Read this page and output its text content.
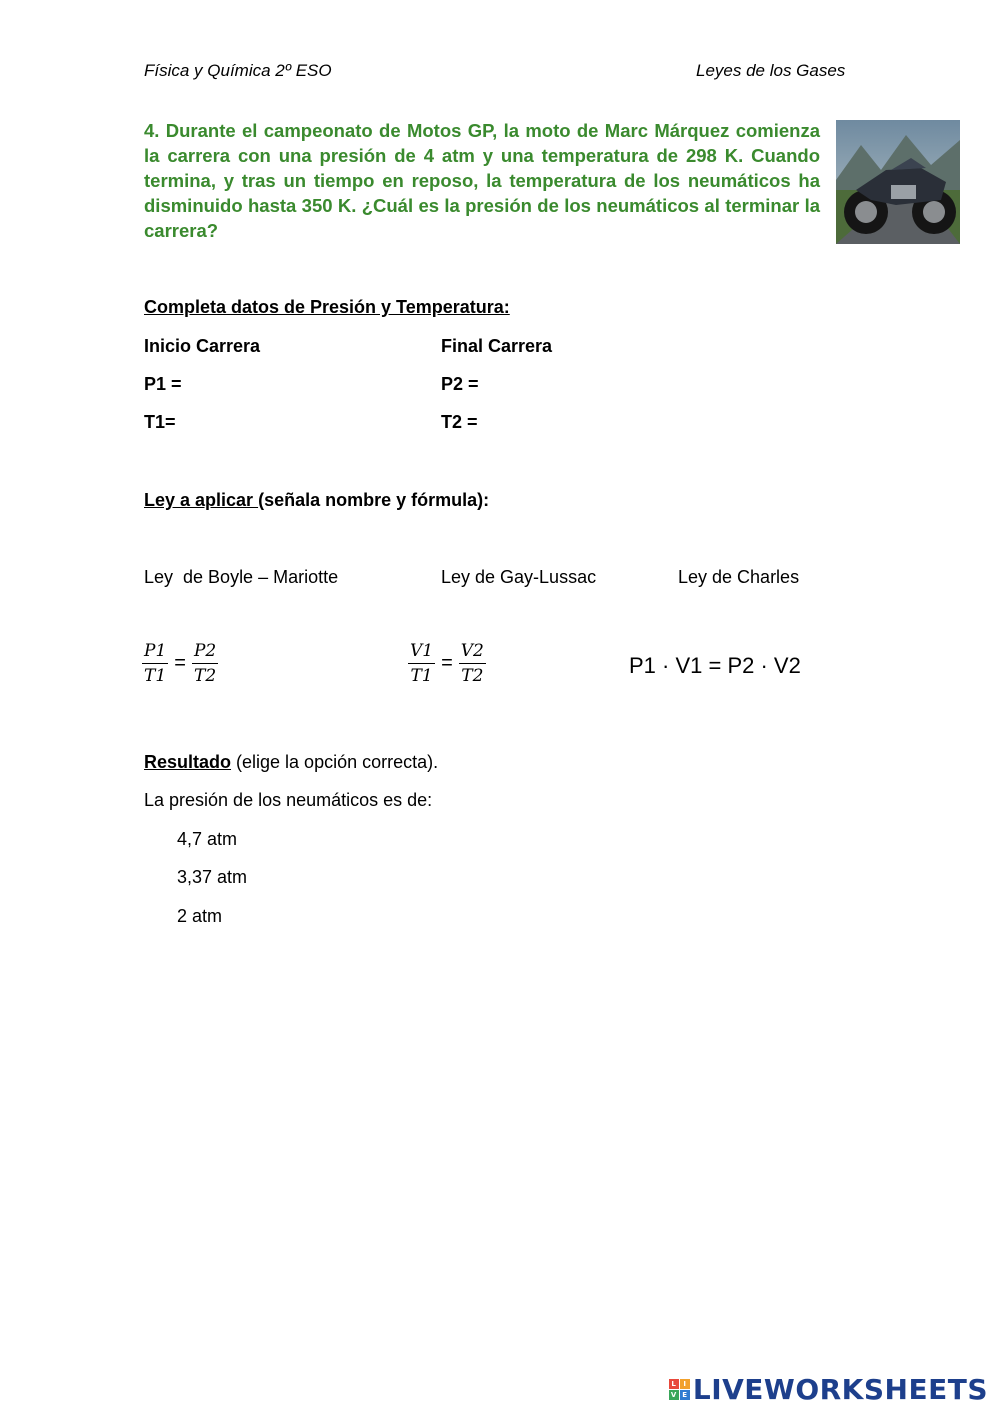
Física y Química 2º ESO	Leyes de los Gases
4. Durante el campeonato de Motos GP, la moto de Marc Márquez comienza la carrera con una presión de 4 atm y una temperatura de 298 K. Cuando termina, y tras un tiempo en reposo, la temperatura de los neumáticos ha disminuido hasta 350 K. ¿Cuál es la presión de los neumáticos al terminar la carrera?
Completa datos de Presión y Temperatura:
Inicio Carrera	Final Carrera
P1 =	P2 =
T1=	T2 =
Ley a aplicar (señala nombre y fórmula):
Ley  de Boyle – Mariotte	Ley de Gay-Lussac	Ley de Charles
$\frac{P1}{T1} = \frac{P2}{T2}$	$\frac{V1}{T1} = \frac{V2}{T2}$	P1 · V1 = P2 · V2
Resultado (elige la opción correcta).
La presión de los neumáticos es de:
4,7 atm
3,37 atm
2 atm
L I
V E LIVEWORKSHEETS
